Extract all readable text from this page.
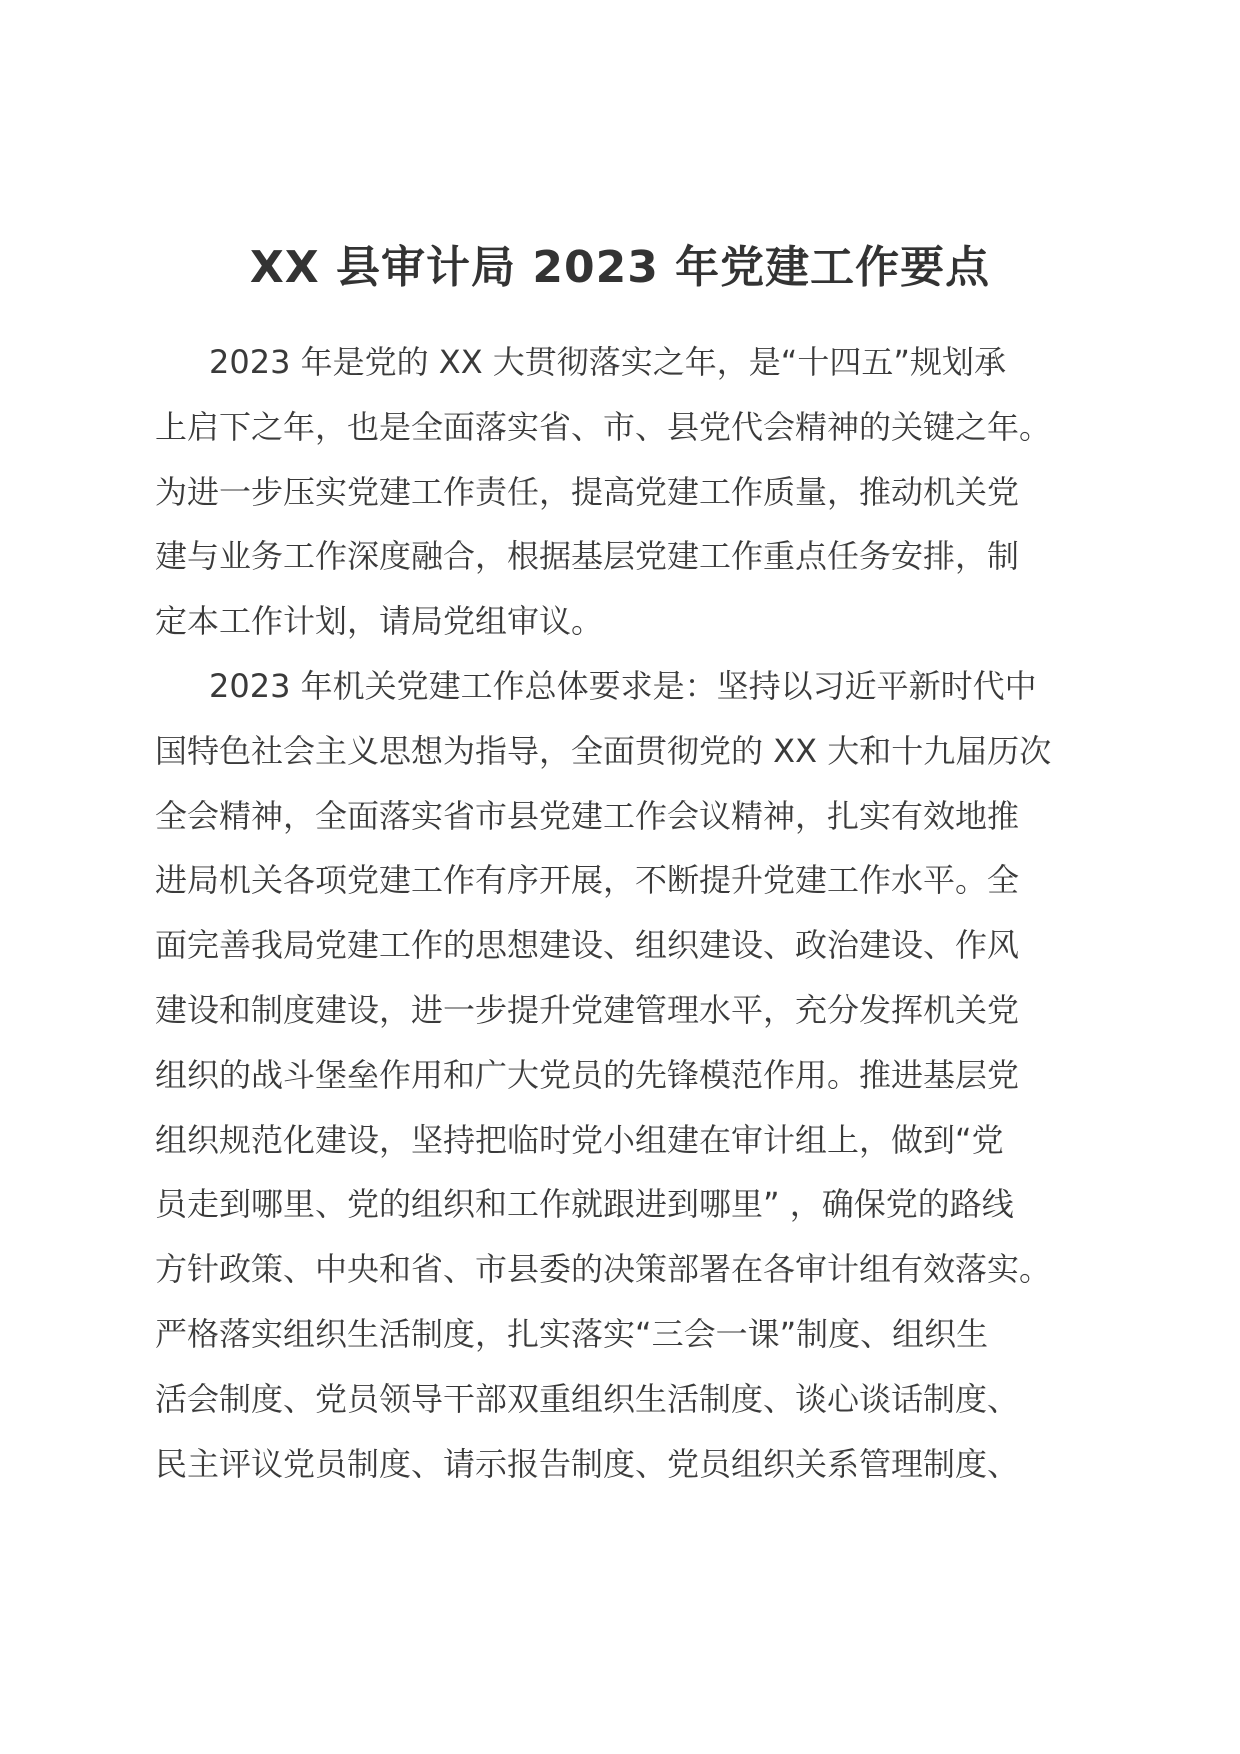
XX 县审计局 2023 年党建工作要点

2023 年是党的 XX 大贯彻落实之年，是“十四五”规划承
上启下之年，也是全面落实省、市、县党代会精神的关键之年。
为进一步压实党建工作责任，提高党建工作质量，推动机关党
建与业务工作深度融合，根据基层党建工作重点任务安排，制
定本工作计划，请局党组审议。

2023 年机关党建工作总体要求是：坚持以习近平新时代中
国特色社会主义思想为指导，全面贯彻党的 XX 大和十九届历次
全会精神，全面落实省市县党建工作会议精神，扎实有效地推
进局机关各项党建工作有序开展，不断提升党建工作水平。全
面完善我局党建工作的思想建设、组织建设、政治建设、作风
建设和制度建设，进一步提升党建管理水平，充分发挥机关党
组织的战斗堡垒作用和广大党员的先锋模范作用。推进基层党
组织规范化建设，坚持把临时党小组建在审计组上，做到“党
员走到哪里、党的组织和工作就跟进到哪里” ，确保党的路线
方针政策、中央和省、市县委的决策部署在各审计组有效落实。
严格落实组织生活制度，扎实落实“三会一课”制度、组织生
活会制度、党员领导干部双重组织生活制度、谈心谈话制度、
民主评议党员制度、请示报告制度、党员组织关系管理制度、
